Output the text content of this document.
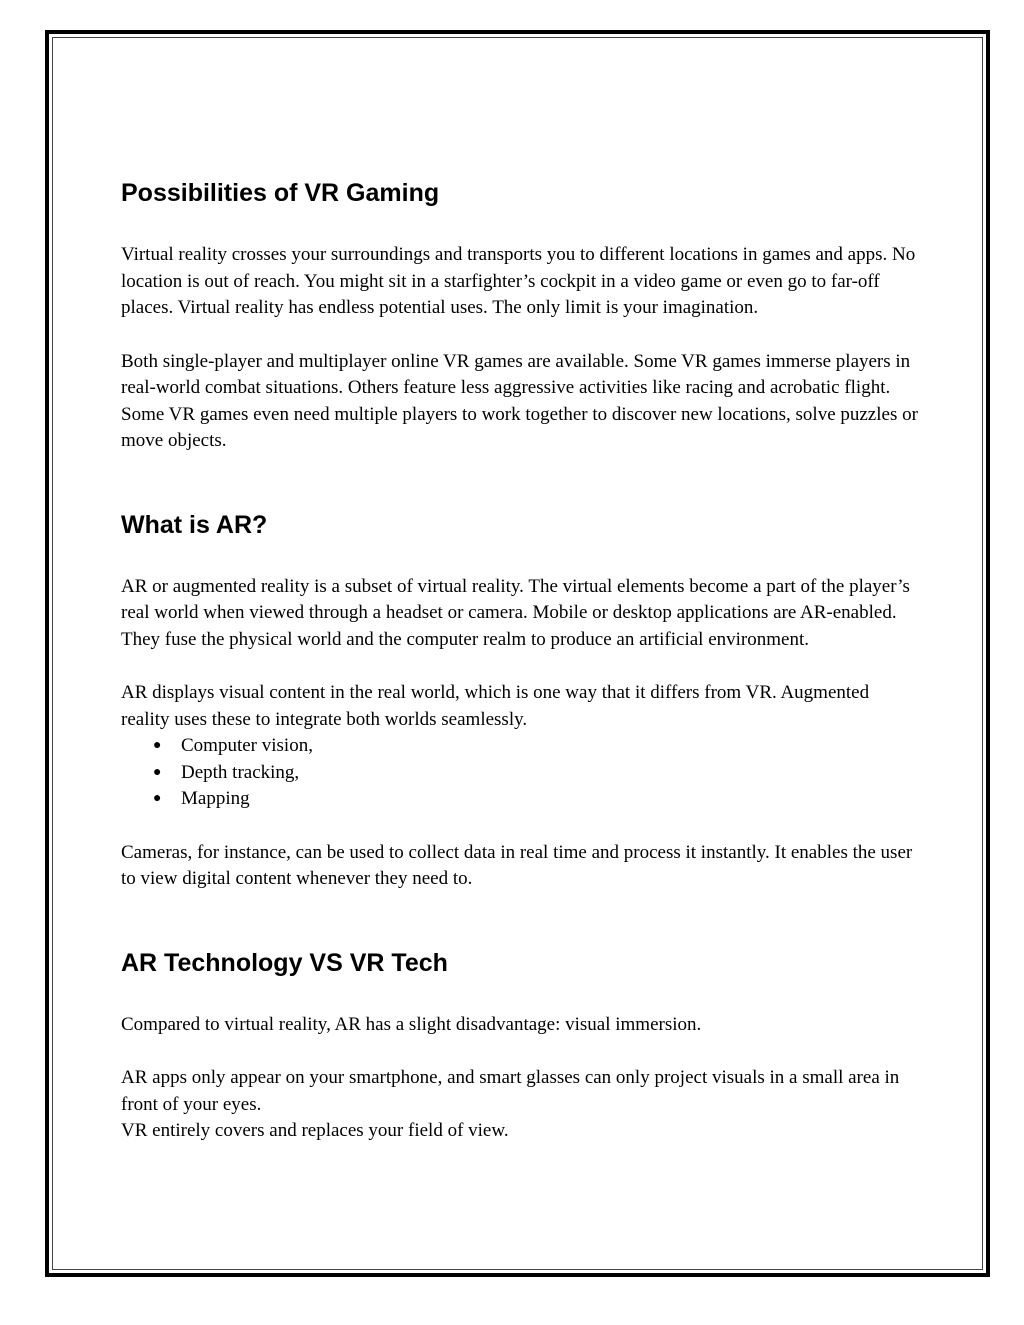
Possibilities of VR Gaming

Virtual reality crosses your surroundings and transports you to different locations in games and apps. No location is out of reach. You might sit in a starfighter’s cockpit in a video game or even go to far-off places. Virtual reality has endless potential uses. The only limit is your imagination.

Both single-player and multiplayer online VR games are available. Some VR games immerse players in real-world combat situations. Others feature less aggressive activities like racing and acrobatic flight. Some VR games even need multiple players to work together to discover new locations, solve puzzles or move objects.

What is AR?

AR or augmented reality is a subset of virtual reality. The virtual elements become a part of the player’s real world when viewed through a headset or camera. Mobile or desktop applications are AR-enabled. They fuse the physical world and the computer realm to produce an artificial environment.

AR displays visual content in the real world, which is one way that it differs from VR. Augmented reality uses these to integrate both worlds seamlessly.

● Computer vision,
● Depth tracking,
● Mapping

Cameras, for instance, can be used to collect data in real time and process it instantly. It enables the user to view digital content whenever they need to.

AR Technology VS VR Tech

Compared to virtual reality, AR has a slight disadvantage: visual immersion.

AR apps only appear on your smartphone, and smart glasses can only project visuals in a small area in front of your eyes.

VR entirely covers and replaces your field of view.
